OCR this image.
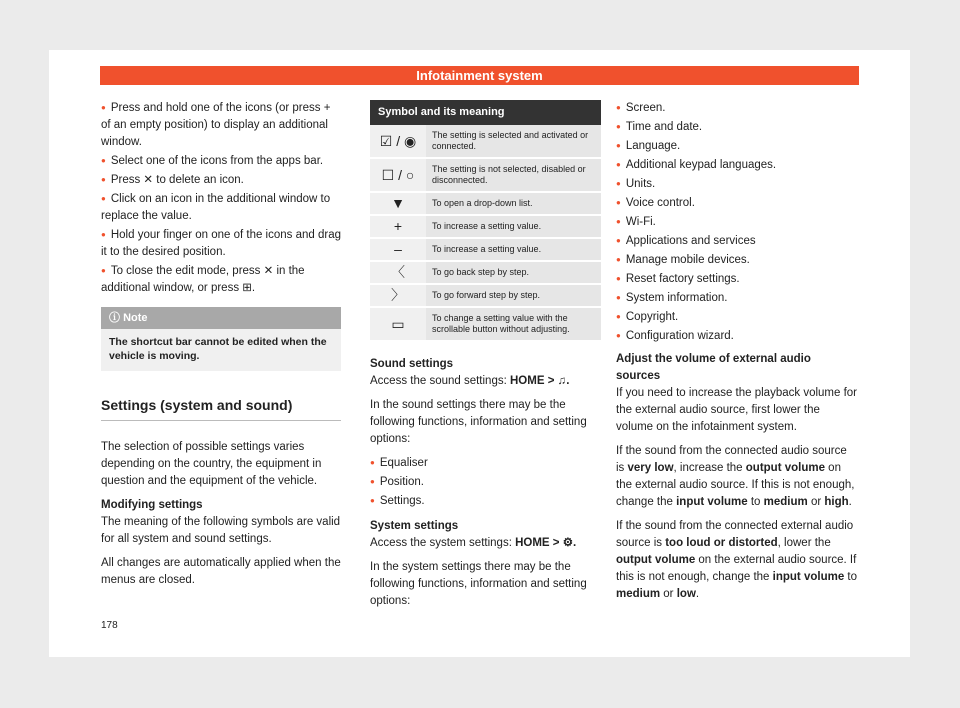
Infotainment system
● Press and hold one of the icons (or press + of an empty position) to display an additional window.
● Select one of the icons from the apps bar.
● Press ✕ to delete an icon.
● Click on an icon in the additional window to replace the value.
● Hold your finger on one of the icons and drag it to the desired position.
● To close the edit mode, press ✕ in the additional window, or press ⊞.
ⓘ Note
The shortcut bar cannot be edited when the vehicle is moving.
Settings (system and sound)

The selection of possible settings varies depending on the country, the equipment in question and the equipment of the vehicle.

Modifying settings

The meaning of the following symbols are valid for all system and sound settings.

All changes are automatically applied when the menus are closed.

Symbol and its meaning	
☑ / ◉	The setting is selected and activated or connected.
☐ / ○	The setting is not selected, disabled or disconnected.
▼	To open a drop-down list.
+	To increase a setting value.
–	To increase a setting value.
〈	To go back step by step.
〉	To go forward step by step.
▭	To change a setting value with the scrollable button without adjusting.

Sound settings

Access the sound settings: HOME > ♫.

In the sound settings there may be the following functions, information and setting options:

● Equaliser
● Position.
● Settings.

System settings

Access the system settings: HOME > ⚙.

In the system settings there may be the following functions, information and setting options:

● Screen.
● Time and date.
● Language.
● Additional keypad languages.
● Units.
● Voice control.
● Wi-Fi.
● Applications and services
● Manage mobile devices.
● Reset factory settings.
● System information.
● Copyright.
● Configuration wizard.

Adjust the volume of external audio sources

If you need to increase the playback volume for the external audio source, first lower the volume on the infotainment system.

If the sound from the connected audio source is very low, increase the output volume on the external audio source. If this is not enough, change the input volume to medium or high.

If the sound from the connected external audio source is too loud or distorted, lower the output volume on the external audio source. If this is not enough, change the input volume to medium or low.

178
